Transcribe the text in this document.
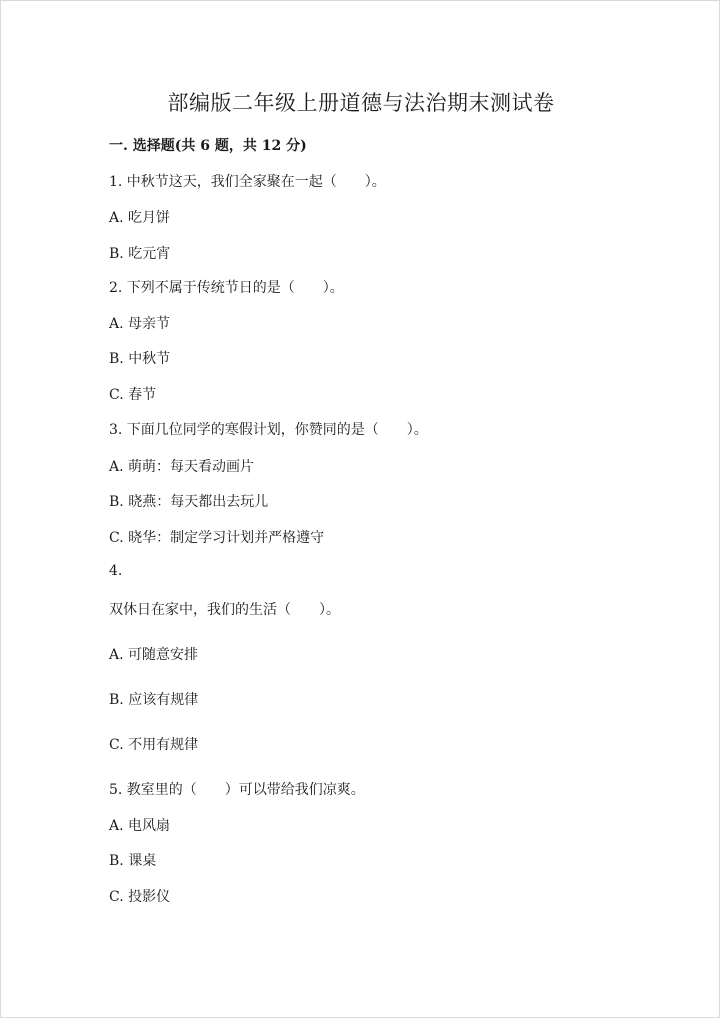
部编版二年级上册道德与法治期末测试卷

一. 选择题(共 6 题，共 12 分)

1. 中秋节这天，我们全家聚在一起（　　）。

A. 吃月饼

B. 吃元宵

2. 下列不属于传统节日的是（　　）。

A. 母亲节

B. 中秋节

C. 春节

3. 下面几位同学的寒假计划，你赞同的是（　　）。

A. 萌萌：每天看动画片

B. 晓燕：每天都出去玩儿

C. 晓华：制定学习计划并严格遵守

4.

双休日在家中，我们的生活（　　）。

A. 可随意安排

B. 应该有规律

C. 不用有规律

5. 教室里的（　　）可以带给我们凉爽。

A. 电风扇

B. 课桌

C. 投影仪
